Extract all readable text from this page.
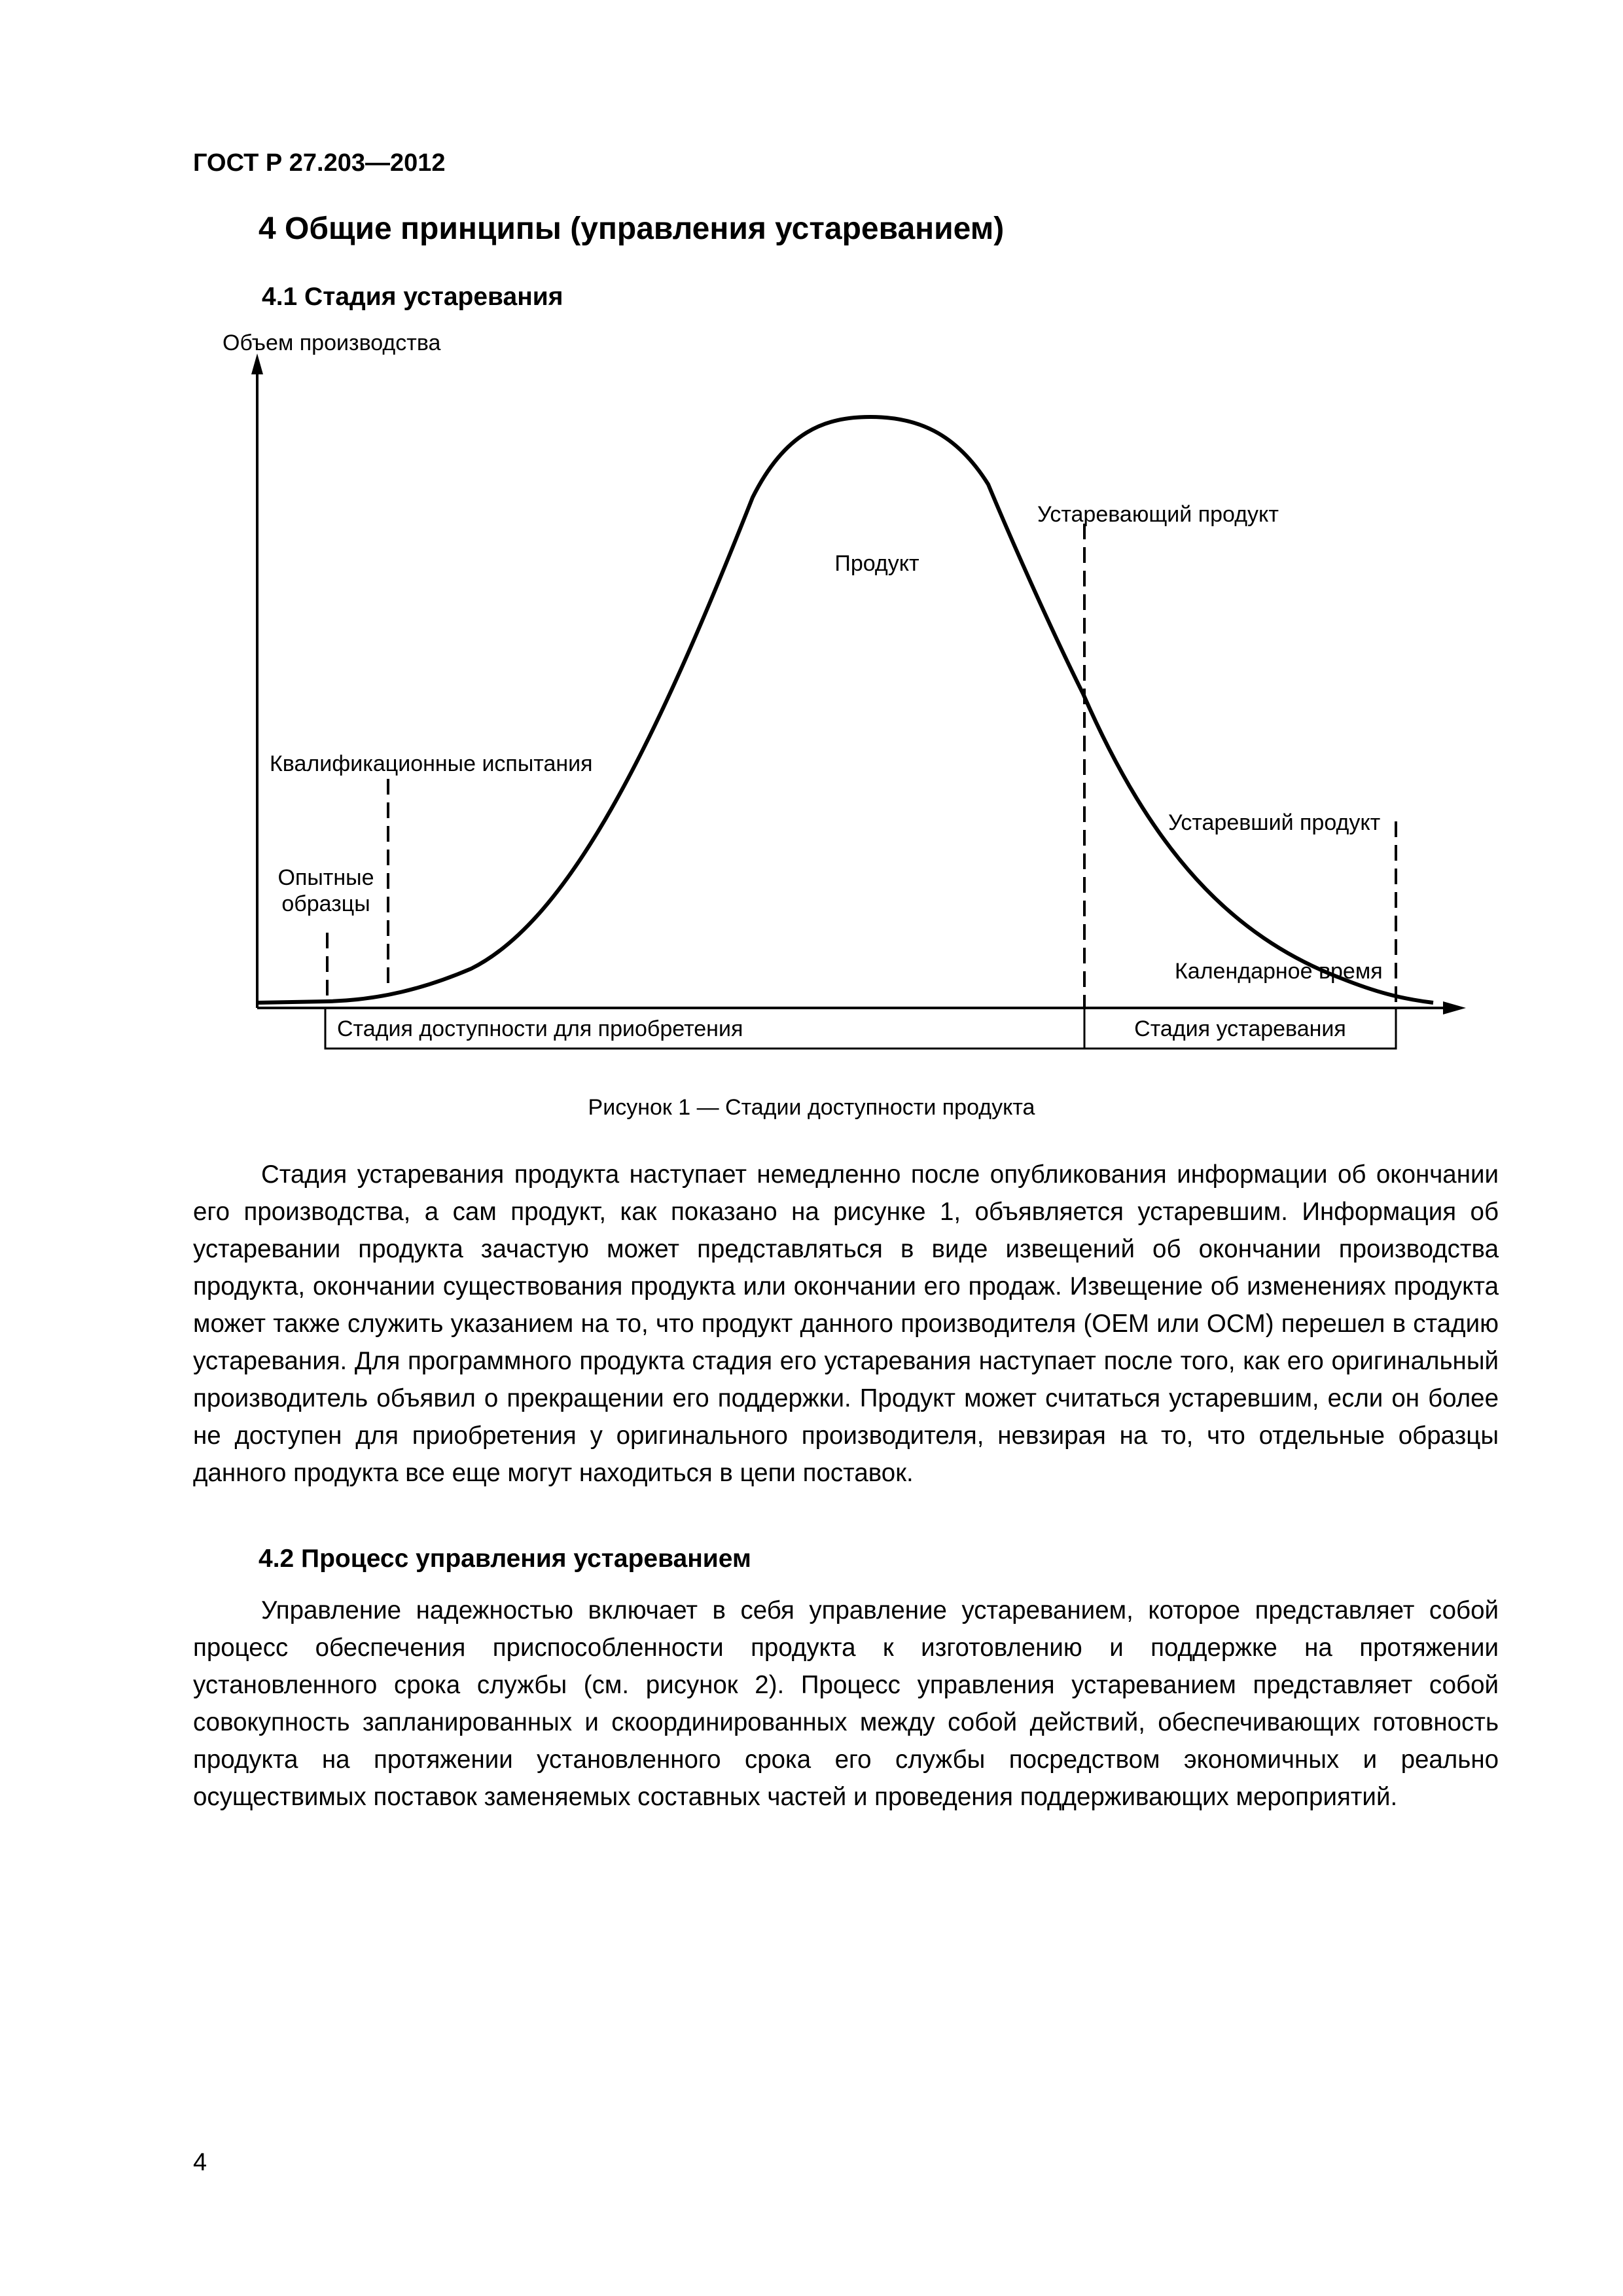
ГОСТ Р 27.203—2012
4 Общие принципы (управления устареванием)
4.1 Стадия устаревания
Объем производства
Продукт
Устаревающий продукт
Квалификационные испытания
Устаревший продукт
Опытные
образцы
Календарное время
Стадия доступности для приобретения	Стадия устаревания
Рисунок 1 — Стадии доступности продукта

Стадия устаревания продукта наступает немедленно после опубликования информации об окончании его производства, а сам продукт, как показано на рисунке 1, объявляется устаревшим. Информация об устаревании продукта зачастую может представляться в виде извещений об окончании производства продукта, окончании существования продукта или окончании его продаж. Извещение об изменениях продукта может также служить указанием на то, что продукт данного производителя (OEM или OCM) перешел в стадию устаревания. Для программного продукта стадия его устаревания наступает после того, как его оригинальный производитель объявил о прекращении его поддержки. Продукт может считаться устаревшим, если он более не доступен для приобретения у оригинального производителя, невзирая на то, что отдельные образцы данного продукта все еще могут находиться в цепи поставок.

4.2 Процесс управления устареванием

Управление надежностью включает в себя управление устареванием, которое представляет собой процесс обеспечения приспособленности продукта к изготовлению и поддержке на протяжении установленного срока службы (см. рисунок 2). Процесс управления устареванием представляет собой совокупность запланированных и скоординированных между собой действий, обеспечивающих готовность продукта на протяжении установленного срока его службы посредством экономичных и реально осуществимых поставок заменяемых составных частей и проведения поддерживающих мероприятий.

4
